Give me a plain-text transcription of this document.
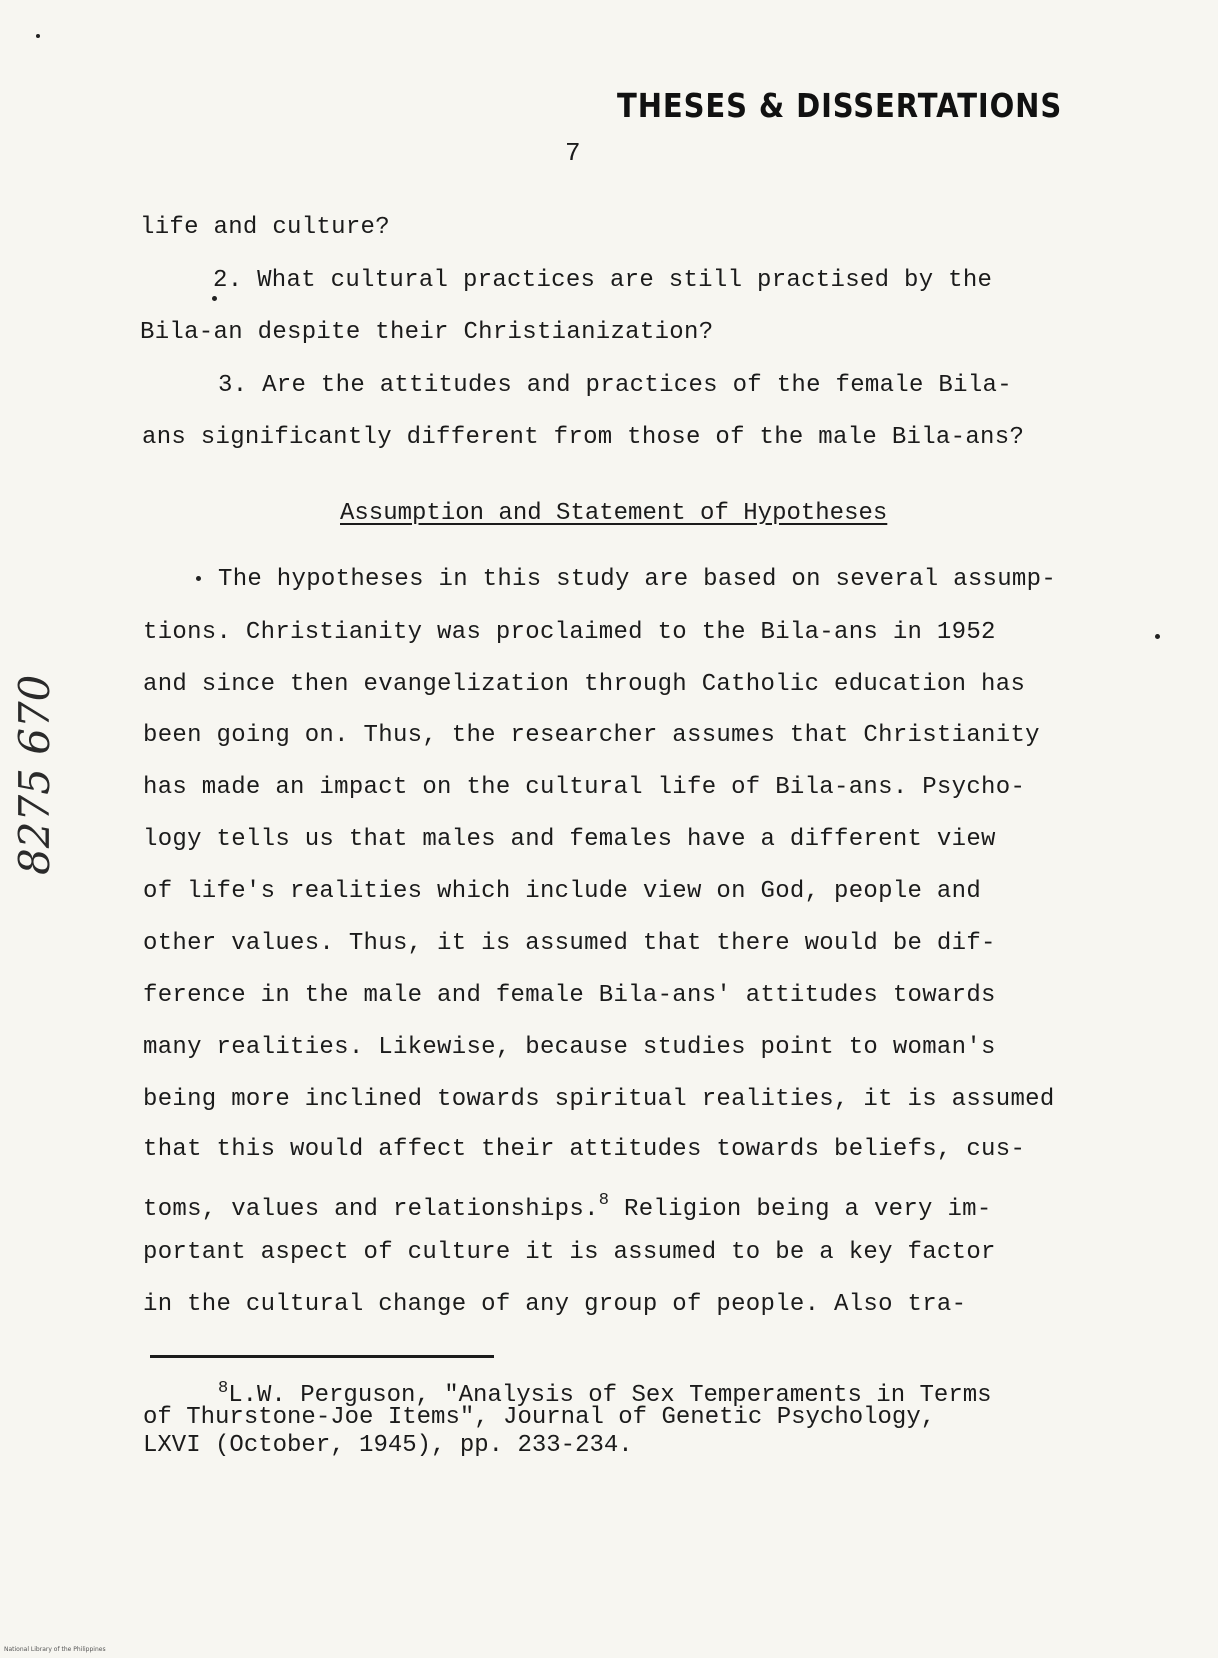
THESES & DISSERTATIONS
7
life and culture?
2. What cultural practices are still practised by the
Bila-an despite their Christianization?
3. Are the attitudes and practices of the female Bila-
ans significantly different from those of the male Bila-ans?
Assumption and Statement of Hypotheses
The hypotheses in this study are based on several assump-
tions. Christianity was proclaimed to the Bila-ans in 1952
and since then evangelization through Catholic education has
been going on. Thus, the researcher assumes that Christianity
has made an impact on the cultural life of Bila-ans. Psycho-
logy tells us that males and females have a different view
of life's realities which include view on God, people and
other values. Thus, it is assumed that there would be dif-
ference in the male and female Bila-ans' attitudes towards
many realities. Likewise, because studies point to woman's
being more inclined towards spiritual realities, it is assumed
that this would affect their attitudes towards beliefs, cus-
toms, values and relationships.$^8$ Religion being a very im-
portant aspect of culture it is assumed to be a key factor
in the cultural change of any group of people. Also tra-
$^8$L.W. Perguson, "Analysis of Sex Temperaments in Terms
of Thurstone-Joe Items", Journal of Genetic Psychology,
LXVI (October, 1945), pp. 233-234.
8275 670
National Library of the Philippines
